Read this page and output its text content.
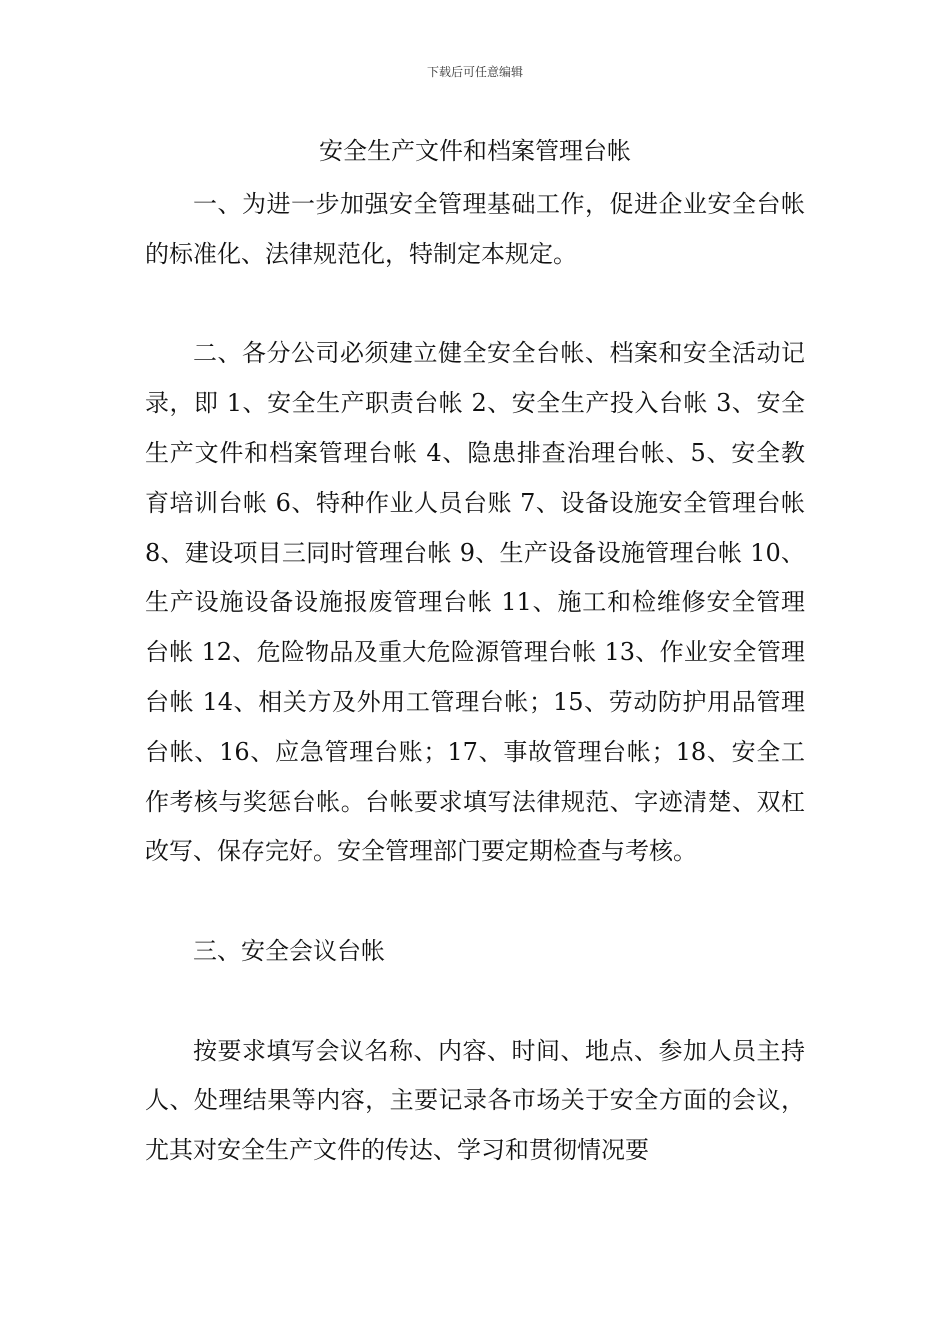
下载后可任意编辑
安全生产文件和档案管理台帐

一、为进一步加强安全管理基础工作，促进企业安全台帐的标准化、法律规范化，特制定本规定。

二、各分公司必须建立健全安全台帐、档案和安全活动记录，即 1、安全生产职责台帐 2、安全生产投入台帐 3、安全生产文件和档案管理台帐 4、隐患排查治理台帐、5、安全教育培训台帐 6、特种作业人员台账 7、设备设施安全管理台帐 8、建设项目三同时管理台帐 9、生产设备设施管理台帐 10、生产设施设备设施报废管理台帐 11、施工和检维修安全管理台帐 12、危险物品及重大危险源管理台帐 13、作业安全管理台帐 14、相关方及外用工管理台帐；15、劳动防护用品管理台帐、16、应急管理台账；17、事故管理台帐；18、安全工作考核与奖惩台帐。台帐要求填写法律规范、字迹清楚、双杠改写、保存完好。安全管理部门要定期检查与考核。

三、安全会议台帐

按要求填写会议名称、内容、时间、地点、参加人员主持人、处理结果等内容，主要记录各市场关于安全方面的会议，尤其对安全生产文件的传达、学习和贯彻情况要
